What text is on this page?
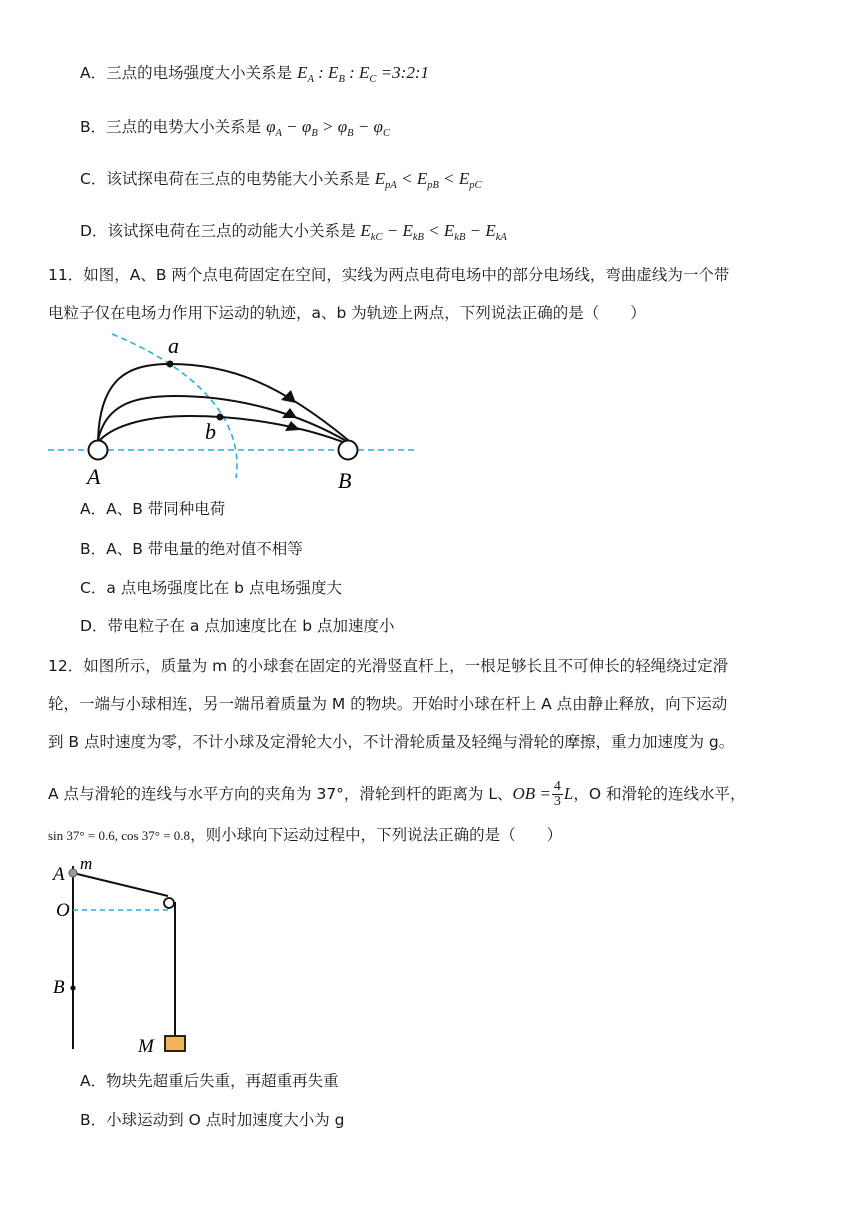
A．三点的电场强度大小关系是 $E_A$ : $E_B$ : $E_C$ =3:2:1
B．三点的电势大小关系是 $\varphi_A - \varphi_B > \varphi_B - \varphi_C$
C．该试探电荷在三点的电势能大小关系是 $E_{pA} < E_{pB} < E_{pC}$
D．该试探电荷在三点的动能大小关系是 $E_{kC} - E_{kB} < E_{kB} - E_{kA}$
11．如图，A、B 两个点电荷固定在空间，实线为两点电荷电场中的部分电场线，弯曲虚线为一个带
电粒子仅在电场力作用下运动的轨迹，a、b 为轨迹上两点，下列说法正确的是（　　）
a
b
A	B
A．A、B 带同种电荷
B．A、B 带电量的绝对值不相等
C．a 点电场强度比在 b 点电场强度大
D．带电粒子在 a 点加速度比在 b 点加速度小
12．如图所示，质量为 m 的小球套在固定的光滑竖直杆上，一根足够长且不可伸长的轻绳绕过定滑
轮，一端与小球相连，另一端吊着质量为 M 的物块。开始时小球在杆上 A 点由静止释放，向下运动
到 B 点时速度为零，不计小球及定滑轮大小，不计滑轮质量及轻绳与滑轮的摩擦，重力加速度为 g。
A 点与滑轮的连线与水平方向的夹角为 37°，滑轮到杆的距离为 L、OB = $\frac{4}{3}$ L，O 和滑轮的连线水平，
sin 37° = 0.6, cos 37° = 0.8，则小球向下运动过程中，下列说法正确的是（　　）
A
m
O
B
M
A．物块先超重后失重，再超重再失重
B．小球运动到 O 点时加速度大小为 g
